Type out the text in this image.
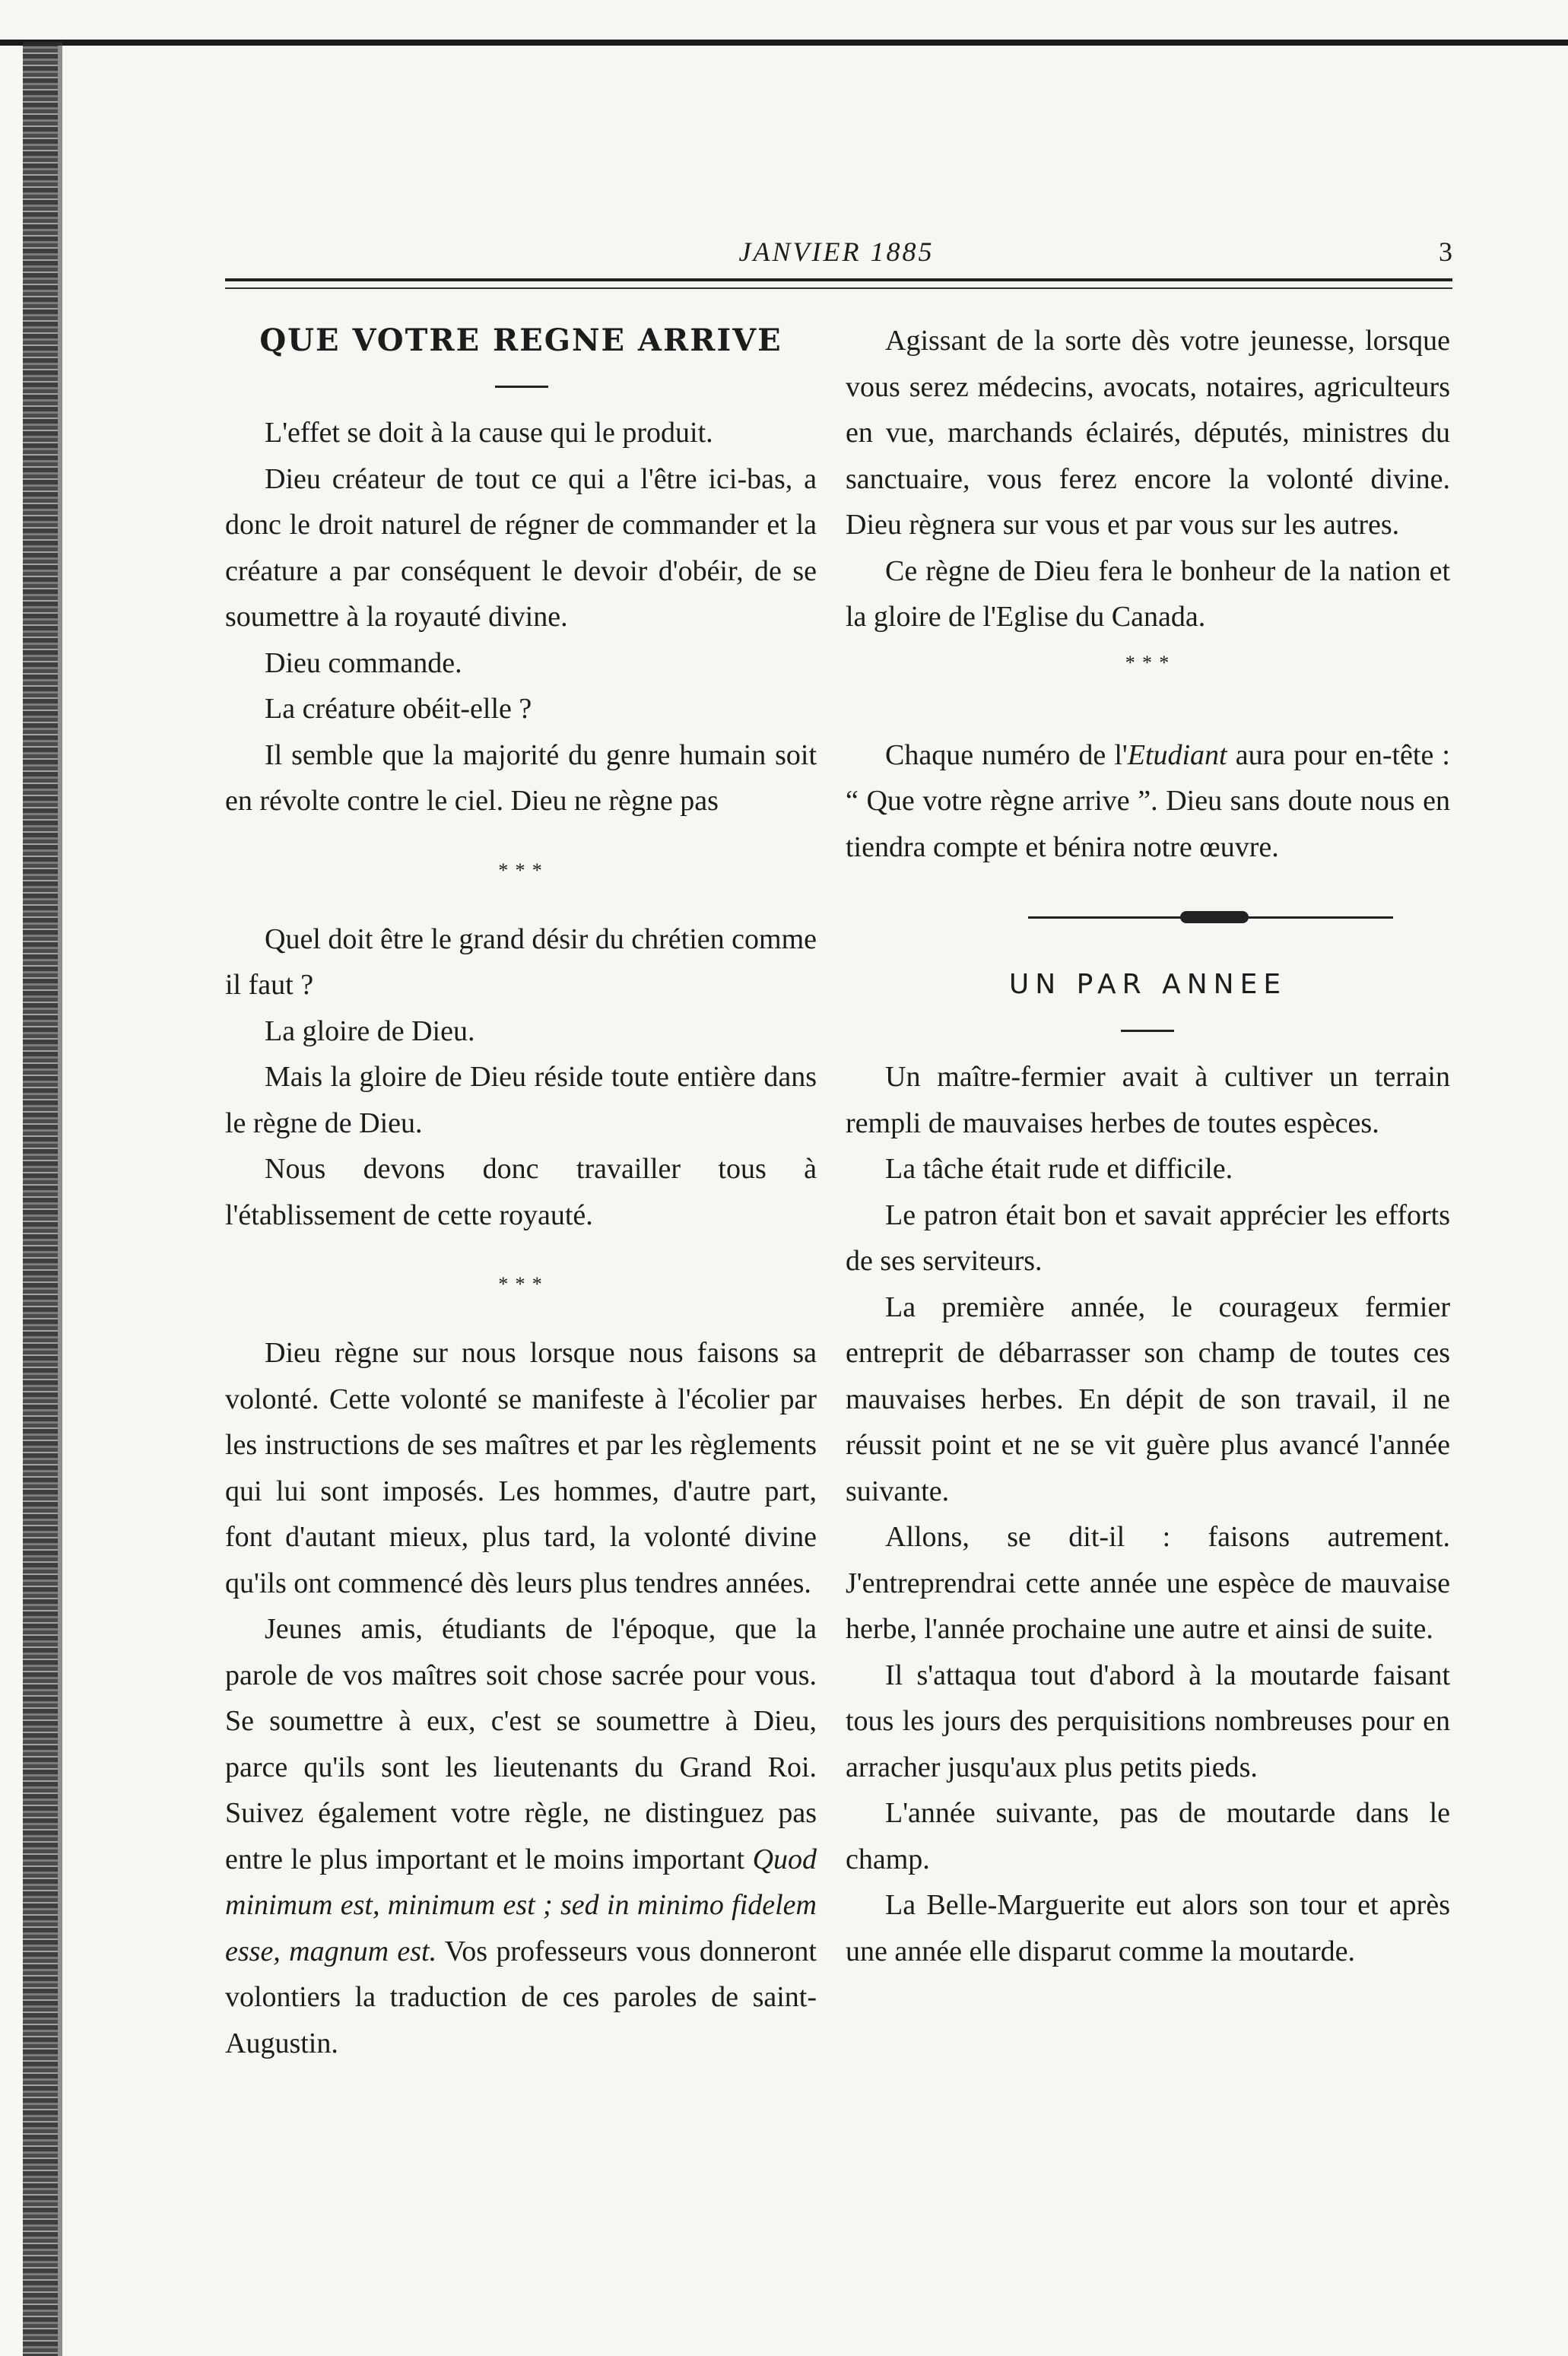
JANVIER 1885	3
QUE VOTRE REGNE ARRIVE

L'effet se doit à la cause qui le produit.

Dieu créateur de tout ce qui a l'être ici-bas, a donc le droit naturel de régner de commander et la créature a par conséquent le devoir d'obéir, de se soumettre à la royauté divine.

Dieu commande.

La créature obéit-elle ?

Il semble que la majorité du genre humain soit en révolte contre le ciel. Dieu ne règne pas

* * *

Quel doit être le grand désir du chrétien comme il faut ?

La gloire de Dieu.

Mais la gloire de Dieu réside toute entière dans le règne de Dieu.

Nous devons donc travailler tous à l'établissement de cette royauté.

* * *

Dieu règne sur nous lorsque nous faisons sa volonté. Cette volonté se manifeste à l'écolier par les instructions de ses maîtres et par les règlements qui lui sont imposés. Les hommes, d'autre part, font d'autant mieux, plus tard, la volonté divine qu'ils ont commencé dès leurs plus tendres années.

Jeunes amis, étudiants de l'époque, que la parole de vos maîtres soit chose sacrée pour vous. Se soumettre à eux, c'est se soumettre à Dieu, parce qu'ils sont les lieutenants du Grand Roi. Suivez également votre règle, ne distinguez pas entre le plus important et le moins important Quod minimum est, minimum est ; sed in minimo fidelem esse, magnum est. Vos professeurs vous donneront volontiers la traduction de ces paroles de saint-Augustin.

Agissant de la sorte dès votre jeunesse, lorsque vous serez médecins, avocats, notaires, agriculteurs en vue, marchands éclairés, députés, ministres du sanctuaire, vous ferez encore la volonté divine. Dieu règnera sur vous et par vous sur les autres.

Ce règne de Dieu fera le bonheur de la nation et la gloire de l'Eglise du Canada.

* * *

Chaque numéro de l'Etudiant aura pour en-tête : “ Que votre règne arrive ”. Dieu sans doute nous en tiendra compte et bénira notre œuvre.

UN PAR ANNEE

Un maître-fermier avait à cultiver un terrain rempli de mauvaises herbes de toutes espèces.

La tâche était rude et difficile.

Le patron était bon et savait apprécier les efforts de ses serviteurs.

La première année, le courageux fermier entreprit de débarrasser son champ de toutes ces mauvaises herbes. En dépit de son travail, il ne réussit point et ne se vit guère plus avancé l'année suivante.

Allons, se dit-il : faisons autrement. J'entreprendrai cette année une espèce de mauvaise herbe, l'année prochaine une autre et ainsi de suite.

Il s'attaqua tout d'abord à la moutarde faisant tous les jours des perquisitions nombreuses pour en arracher jusqu'aux plus petits pieds.

L'année suivante, pas de moutarde dans le champ.

La Belle-Marguerite eut alors son tour et après une année elle disparut comme la moutarde.
